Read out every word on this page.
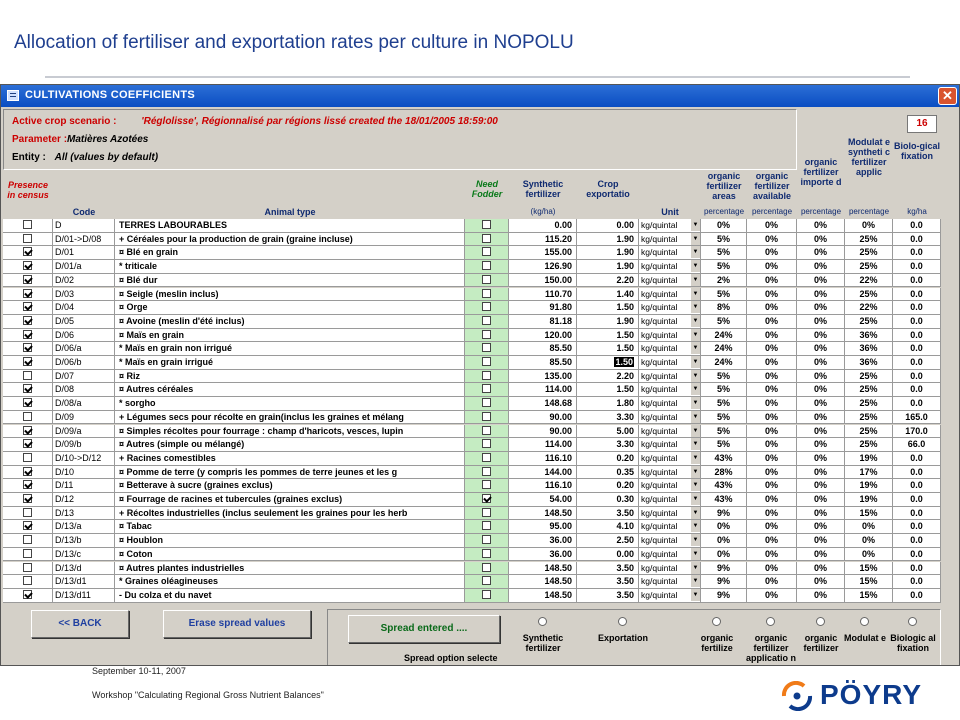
Allocation of fertiliser and exportation rates per culture in NOPOLU
CULTIVATIONS COEFFICIENTS	✕
Active crop scenario : 'Réglolisse', Régionnalisé par régions lissé created the 18/01/2005 18:59:00
Parameter :Matières Azotées
Entity : All (values by default)
16
Presence in census
Code	Animal type
Need Fodder
Synthetic fertilizer
(kg/ha)
Crop exportatio
Unit
organic fertilizer areas
percentage
organic fertilizer available
percentage
organic fertilizer importe d
percentage
Modulat e syntheti c fertilizer applic
percentage
Biolo-gical fixation
kg/ha
D	TERRES LABOURABLES	0.00	0.00 kg/quintal	▼	0%	0%	0%	0%	0.0
D/01->D/08	+ Céréales pour la production de grain (graine incluse)	115.20	1.90 kg/quintal	▼	5%	0%	0%	25%	0.0
D/01	¤ Blé en grain	155.00	1.90 kg/quintal	▼	5%	0%	0%	25%	0.0
D/01/a	* triticale	126.90	1.90 kg/quintal	▼	5%	0%	0%	25%	0.0
D/02	¤ Blé dur	150.00	2.20 kg/quintal	▼	2%	0%	0%	22%	0.0
D/03	¤ Seigle (meslin inclus)	110.70	1.40 kg/quintal	▼	5%	0%	0%	25%	0.0
D/04	¤ Orge	91.80	1.50 kg/quintal	▼	8%	0%	0%	22%	0.0
D/05	¤ Avoine (meslin d'été inclus)	81.18	1.90 kg/quintal	▼	5%	0%	0%	25%	0.0
D/06	¤ Maïs en grain	120.00	1.50 kg/quintal	▼	24%	0%	0%	36%	0.0
D/06/a	* Maïs en grain non irrigué	85.50	1.50 kg/quintal	▼	24%	0%	0%	36%	0.0
D/06/b	* Maïs en grain irrigué	85.50	1.50 kg/quintal	▼	24%	0%	0%	36%	0.0
D/07	¤ Riz	135.00	2.20 kg/quintal	▼	5%	0%	0%	25%	0.0
D/08	¤ Autres céréales	114.00	1.50 kg/quintal	▼	5%	0%	0%	25%	0.0
D/08/a	* sorgho	148.68	1.80 kg/quintal	▼	5%	0%	0%	25%	0.0
D/09	+ Légumes secs pour récolte en grain(inclus les graines et mélang	90.00	3.30 kg/quintal	▼	5%	0%	0%	25%	165.0
D/09/a	¤ Simples récoltes pour fourrage : champ d'haricots, vesces, lupin	90.00	5.00 kg/quintal	▼	5%	0%	0%	25%	170.0
D/09/b	¤ Autres (simple ou mélangé)	114.00	3.30 kg/quintal	▼	5%	0%	0%	25%	66.0
D/10->D/12	+ Racines comestibles	116.10	0.20 kg/quintal	▼	43%	0%	0%	19%	0.0
D/10	¤ Pomme de terre (y compris les pommes de terre jeunes et les g	144.00	0.35 kg/quintal	▼	28%	0%	0%	17%	0.0
D/11	¤ Betterave à sucre (graines exclus)	116.10	0.20 kg/quintal	▼	43%	0%	0%	19%	0.0
D/12	¤ Fourrage de racines et tubercules (graines exclus)	54.00	0.30 kg/quintal	▼	43%	0%	0%	19%	0.0
D/13	+ Récoltes industrielles (inclus seulement les graines pour les herb	148.50	3.50 kg/quintal	▼	9%	0%	0%	15%	0.0
D/13/a	¤ Tabac	95.00	4.10 kg/quintal	▼	0%	0%	0%	0%	0.0
D/13/b	¤ Houblon	36.00	2.50 kg/quintal	▼	0%	0%	0%	0%	0.0
D/13/c	¤ Coton	36.00	0.00 kg/quintal	▼	0%	0%	0%	0%	0.0
D/13/d	¤ Autres plantes industrielles	148.50	3.50 kg/quintal	▼	9%	0%	0%	15%	0.0
D/13/d1	* Graines oléagineuses	148.50	3.50 kg/quintal	▼	9%	0%	0%	15%	0.0
D/13/d11	- Du colza et du navet	148.50	3.50 kg/quintal	▼	9%	0%	0%	15%	0.0
<< BACK	Erase spread values	Spread entered ....
Spread option selecte
Synthetic fertilizer
Exportation	organic fertilize
organic fertilizer applicatio n
organic fertilizer
Modulat e Biologic al fixation
September 10-11, 2007
Workshop "Calculating Regional Gross Nutrient Balances"	PÖYRY
